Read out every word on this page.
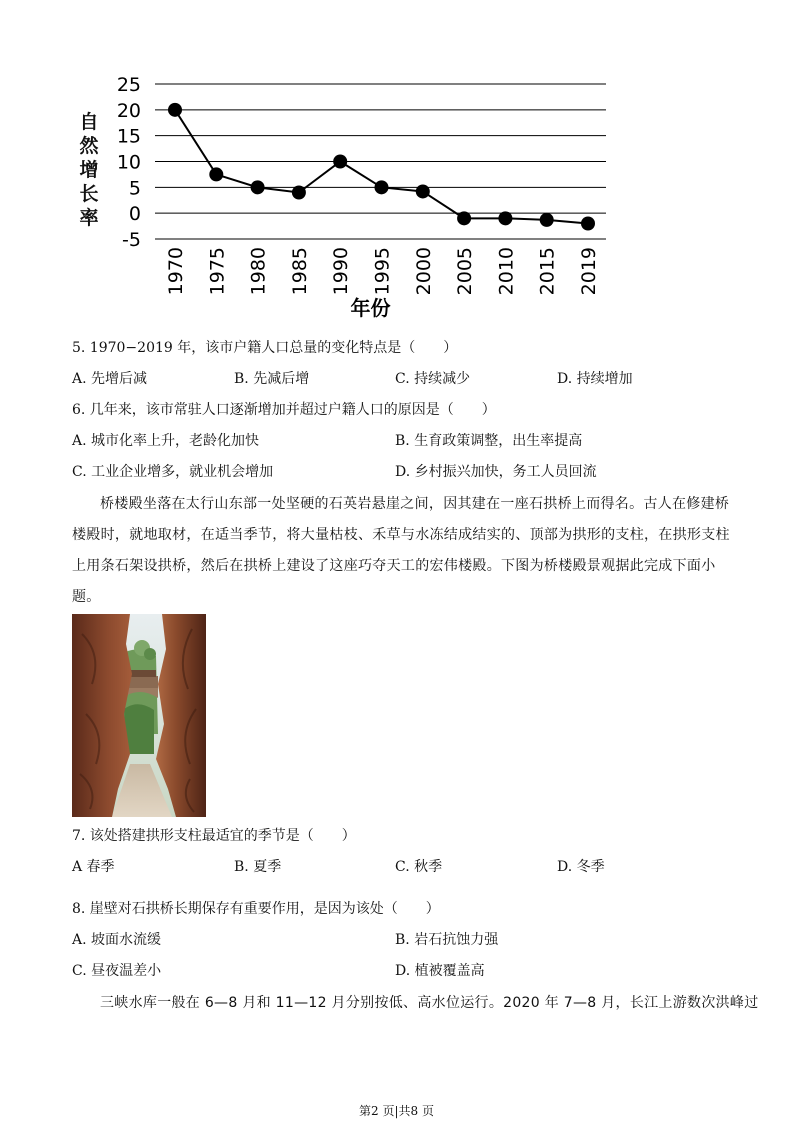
25
20
15
10
5
0
-5
1970 1975 1980 1985 1990 1995 2000 2005 2010 2015 2019
年份
自
然
增
长
率
5. 1970−2019 年，该市户籍人口总量的变化特点是（　　）
A. 先增后减	B. 先减后增	C. 持续减少	D. 持续增加
6. 几年来，该市常驻人口逐渐增加并超过户籍人口的原因是（　　）
A. 城市化率上升，老龄化加快	B. 生育政策调整，出生率提高
C. 工业企业增多，就业机会增加	D. 乡村振兴加快，务工人员回流
桥楼殿坐落在太行山东部一处坚硬的石英岩悬崖之间，因其建在一座石拱桥上而得名。古人在修建桥
楼殿时，就地取材，在适当季节，将大量枯枝、禾草与水冻结成结实的、顶部为拱形的支柱，在拱形支柱
上用条石架设拱桥，然后在拱桥上建设了这座巧夺天工的宏伟楼殿。下图为桥楼殿景观据此完成下面小
题。
7. 该处搭建拱形支柱最适宜的季节是（　　）
A 春季	B. 夏季	C. 秋季	D. 冬季
8. 崖壁对石拱桥长期保存有重要作用，是因为该处（　　）
A. 坡面水流缓	B. 岩石抗蚀力强
C. 昼夜温差小	D. 植被覆盖高
三峡水库一般在 6—8 月和 11—12 月分别按低、高水位运行。2020 年 7—8 月，长江上游数次洪峰过
第2 页|共8 页
